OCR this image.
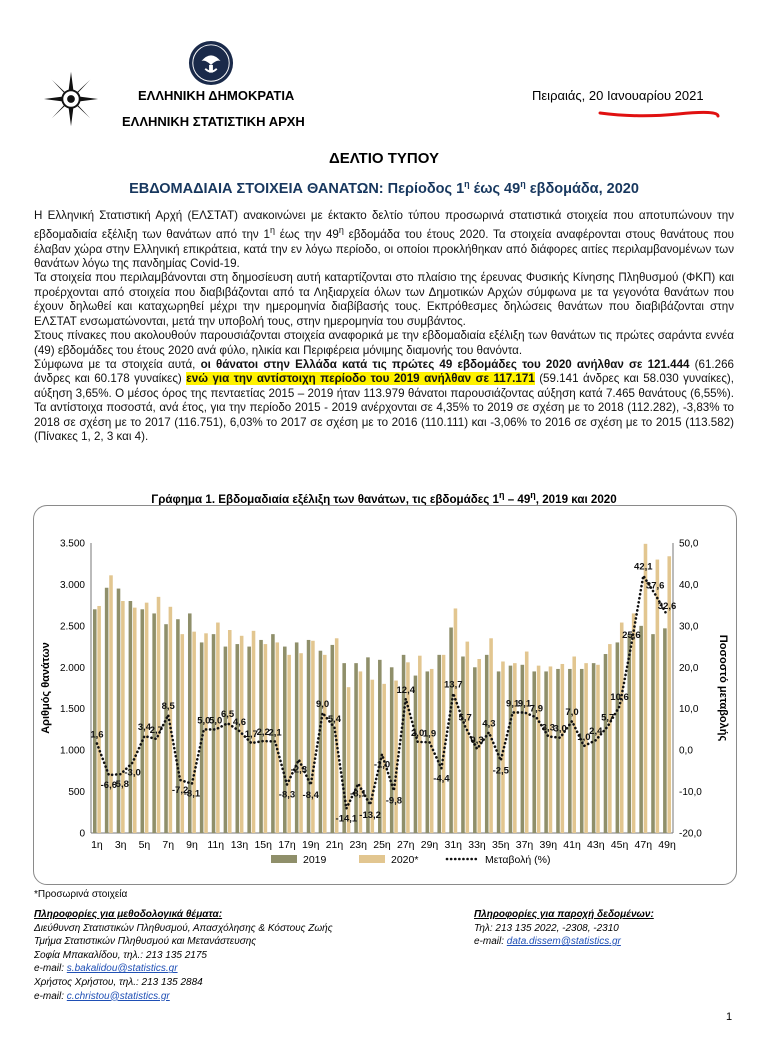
ΕΛΛΗΝΙΚΗ ΔΗΜΟΚΡΑΤΙΑ
ΕΛΛΗΝΙΚΗ ΣΤΑΤΙΣΤΙΚΗ ΑΡΧΗ
Πειραιάς, 20 Ιανουαρίου 2021
ΔΕΛΤΙΟ ΤΥΠΟΥ
ΕΒΔΟΜΑΔΙΑΙΑ ΣΤΟΙΧΕΙΑ ΘΑΝΑΤΩΝ: Περίοδος $1^\eta$ έως $49^\eta$ εβδομάδα, 2020

Η Ελληνική Στατιστική Αρχή (ΕΛΣΤΑΤ) ανακοινώνει με έκτακτο δελτίο τύπου προσωρινά στατιστικά στοιχεία που αποτυπώνουν την εβδομαδιαία εξέλιξη των θανάτων από την $1^\eta$ έως την $49^\eta$ εβδομάδα του έτους 2020. Τα στοιχεία αναφέρονται στους θανάτους που έλαβαν χώρα στην Ελληνική επικράτεια, κατά την εν λόγω περίοδο, οι οποίοι προκλήθηκαν από διάφορες αιτίες περιλαμβανομένων των θανάτων λόγω της πανδημίας Covid-19.

Τα στοιχεία που περιλαμβάνονται στη δημοσίευση αυτή καταρτίζονται στο πλαίσιο της έρευνας Φυσικής Κίνησης Πληθυσμού (ΦΚΠ) και προέρχονται από στοιχεία που διαβιβάζονται από τα Ληξιαρχεία όλων των Δημοτικών Αρχών σύμφωνα με τα γεγονότα θανάτων που έχουν δηλωθεί και καταχωρηθεί μέχρι την ημερομηνία διαβίβασής τους. Εκπρόθεσμες δηλώσεις θανάτων που διαβιβάζονται στην ΕΛΣΤΑΤ ενσωματώνονται, μετά την υποβολή τους, στην ημερομηνία του συμβάντος.

Στους πίνακες που ακολουθούν παρουσιάζονται στοιχεία αναφορικά με την εβδομαδιαία εξέλιξη των θανάτων τις πρώτες σαράντα εννέα (49) εβδομάδες του έτους 2020 ανά φύλο, ηλικία και Περιφέρεια μόνιμης διαμονής του θανόντα.

Σύμφωνα με τα στοιχεία αυτά, οι θάνατοι στην Ελλάδα κατά τις πρώτες 49 εβδομάδες του 2020 ανήλθαν σε 121.444 (61.266 άνδρες και 60.178 γυναίκες) ενώ για την αντίστοιχη περίοδο του 2019 ανήλθαν σε 117.171 (59.141 άνδρες και 58.030 γυναίκες), αύξηση 3,65%. Ο μέσος όρος της πενταετίας 2015 – 2019 ήταν 113.979 θάνατοι παρουσιάζοντας αύξηση κατά 7.465 θανάτους (6,55%). Τα αντίστοιχα ποσοστά, ανά έτος, για την περίοδο 2015 - 2019 ανέρχονται σε 4,35% το 2019 σε σχέση με το 2018 (112.282), -3,83% το 2018 σε σχέση με το 2017 (116.751), 6,03% το 2017 σε σχέση με το 2016 (110.111) και -3,06% το 2016 σε σχέση με το 2015 (113.582) (Πίνακες 1, 2, 3 και 4).

Γράφημα 1. Εβδομαδιαία εξέλιξη των θανάτων, τις εβδομάδες $1^\eta - 49^\eta$, 2019 και 2020
0
500
1.000
1.500
2.000
2.500
3.000
3.500
-20,0
-10,0
0,0
10,0
20,0
30,0
40,0
50,0
Αριθμός θανάτων	Ποσοστό μεταβολής
1,6
-6,0
-5,8
-3,0
3,4
2,7
8,5
-7,2
-8,1
5,0
5,0
6,5
4,6
1,7
2,2
2,1
-8,3
-2,3
-8,4
9,0
5,4
-14,1
-8,1
-13,2
-1,0
-9,8
12,4
2,0
1,9
-4,4
13,7
5,7
0,3
4,3
-2,5
9,1
9,1
7,9
3,3
3,0
7,0
1,0
2,4
5,7
10,6
25,6
42,1
37,6
32,6
1η 3η 5η 7η 9η 11η 13η 15η 17η 19η 21η 23η 25η 27η 29η 31η 33η 35η 37η 39η 41η 43η 45η 47η 49η
2019	2020*	Μεταβολή (%)
*Προσωρινά στοιχεία
Πληροφορίες για μεθοδολογικά θέματα:
Διεύθυνση Στατιστικών Πληθυσμού, Απασχόλησης & Κόστους Ζωής
Τμήμα Στατιστικών Πληθυσμού και Μετανάστευσης
Σοφία Μπακαλίδου, τηλ.: 213 135 2175
e-mail: s.bakalidou@statistics.gr
Χρήστος Χρήστου, τηλ.: 213 135 2884
e-mail: c.christou@statistics.gr
Πληροφορίες για παροχή δεδομένων:
Τηλ: 213 135 2022, -2308, -2310
e-mail: data.dissem@statistics.gr
1
